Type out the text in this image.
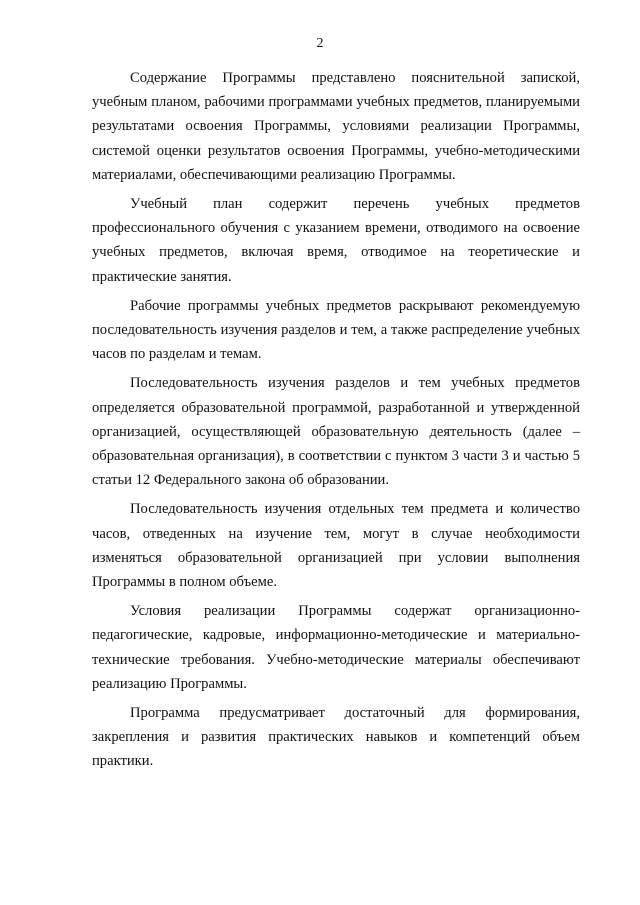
2

Содержание Программы представлено пояснительной запиской, учебным планом, рабочими программами учебных предметов, планируемыми результатами освоения Программы, условиями реализации Программы, системой оценки результатов освоения Программы, учебно-методическими материалами, обеспечивающими реализацию Программы.

Учебный план содержит перечень учебных предметов профессионального обучения с указанием времени, отводимого на освоение учебных предметов, включая время, отводимое на теоретические и практические занятия.

Рабочие программы учебных предметов раскрывают рекомендуемую последовательность изучения разделов и тем, а также распределение учебных часов по разделам и темам.

Последовательность изучения разделов и тем учебных предметов определяется образовательной программой, разработанной и утвержденной организацией, осуществляющей образовательную деятельность (далее – образовательная организация), в соответствии с пунктом 3 части 3 и частью 5 статьи 12 Федерального закона об образовании.

Последовательность изучения отдельных тем предмета и количество часов, отведенных на изучение тем, могут в случае необходимости изменяться образовательной организацией при условии выполнения Программы в полном объеме.

Условия реализации Программы содержат организационно-педагогические, кадровые, информационно-методические и материально-технические требования. Учебно-методические материалы обеспечивают реализацию Программы.

Программа предусматривает достаточный для формирования, закрепления и развития практических навыков и компетенций объем практики.
